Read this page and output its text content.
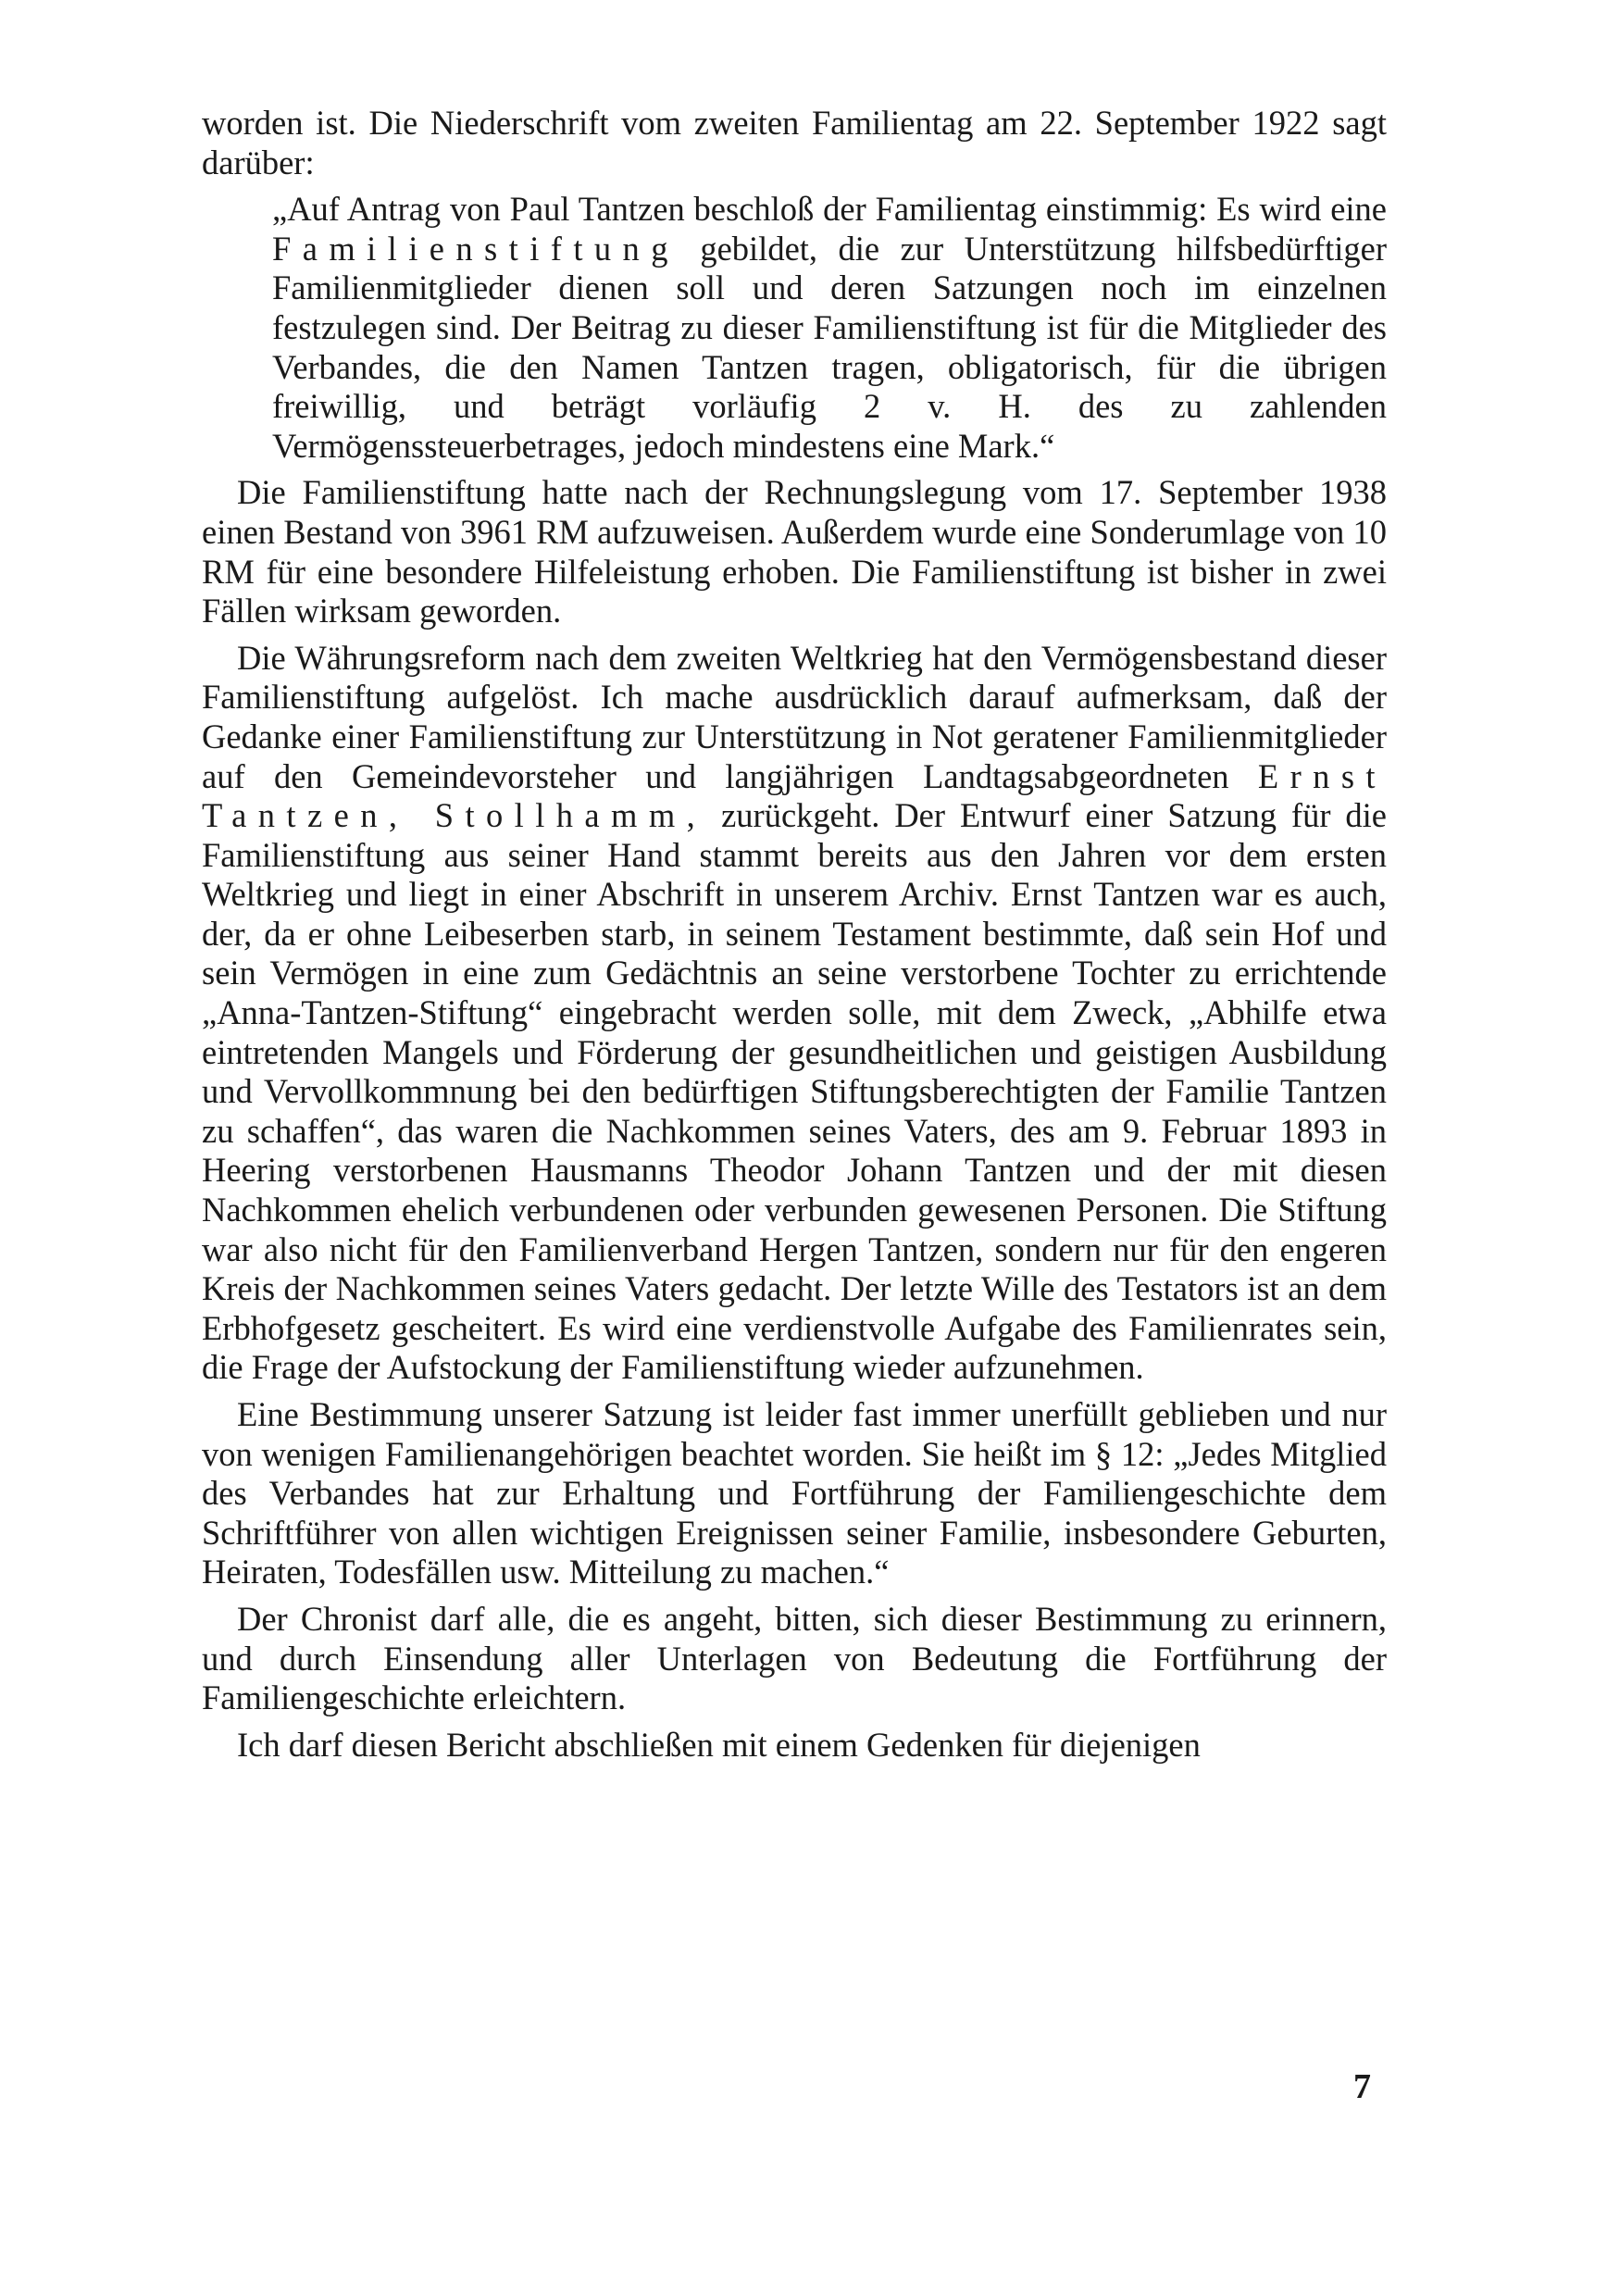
worden ist. Die Niederschrift vom zweiten Familientag am 22. September 1922 sagt darüber:

„Auf Antrag von Paul Tantzen beschloß der Familientag einstimmig: Es wird eine Familienstiftung gebildet, die zur Unterstützung hilfsbedürftiger Familienmitglieder dienen soll und deren Satzungen noch im einzelnen festzulegen sind. Der Beitrag zu dieser Familienstiftung ist für die Mitglieder des Verbandes, die den Namen Tantzen tragen, obligatorisch, für die übrigen freiwillig, und beträgt vorläufig 2 v. H. des zu zahlenden Vermögenssteuerbetrages, jedoch mindestens eine Mark.“

Die Familienstiftung hatte nach der Rechnungslegung vom 17. September 1938 einen Bestand von 3961 RM aufzuweisen. Außerdem wurde eine Sonderumlage von 10 RM für eine besondere Hilfeleistung erhoben. Die Familienstiftung ist bisher in zwei Fällen wirksam geworden.

Die Währungsreform nach dem zweiten Weltkrieg hat den Vermögensbestand dieser Familienstiftung aufgelöst. Ich mache ausdrücklich darauf aufmerksam, daß der Gedanke einer Familienstiftung zur Unterstützung in Not geratener Familienmitglieder auf den Gemeindevorsteher und langjährigen Landtagsabgeordneten Ernst Tantzen, Stollhamm, zurückgeht. Der Entwurf einer Satzung für die Familienstiftung aus seiner Hand stammt bereits aus den Jahren vor dem ersten Weltkrieg und liegt in einer Abschrift in unserem Archiv. Ernst Tantzen war es auch, der, da er ohne Leibeserben starb, in seinem Testament bestimmte, daß sein Hof und sein Vermögen in eine zum Gedächtnis an seine verstorbene Tochter zu errichtende „Anna-Tantzen-Stiftung“ eingebracht werden solle, mit dem Zweck, „Abhilfe etwa eintretenden Mangels und Förderung der gesundheitlichen und geistigen Ausbildung und Vervollkommnung bei den bedürftigen Stiftungsberechtigten der Familie Tantzen zu schaffen“, das waren die Nachkommen seines Vaters, des am 9. Februar 1893 in Heering verstorbenen Hausmanns Theodor Johann Tantzen und der mit diesen Nachkommen ehelich verbundenen oder verbunden gewesenen Personen. Die Stiftung war also nicht für den Familienverband Hergen Tantzen, sondern nur für den engeren Kreis der Nachkommen seines Vaters gedacht. Der letzte Wille des Testators ist an dem Erbhofgesetz gescheitert. Es wird eine verdienstvolle Aufgabe des Familienrates sein, die Frage der Aufstockung der Familienstiftung wieder aufzunehmen.

Eine Bestimmung unserer Satzung ist leider fast immer unerfüllt geblieben und nur von wenigen Familienangehörigen beachtet worden. Sie heißt im § 12: „Jedes Mitglied des Verbandes hat zur Erhaltung und Fortführung der Familiengeschichte dem Schriftführer von allen wichtigen Ereignissen seiner Familie, insbesondere Geburten, Heiraten, Todesfällen usw. Mitteilung zu machen.“

Der Chronist darf alle, die es angeht, bitten, sich dieser Bestimmung zu erinnern, und durch Einsendung aller Unterlagen von Bedeutung die Fortführung der Familiengeschichte erleichtern.

Ich darf diesen Bericht abschließen mit einem Gedenken für diejenigen

7
